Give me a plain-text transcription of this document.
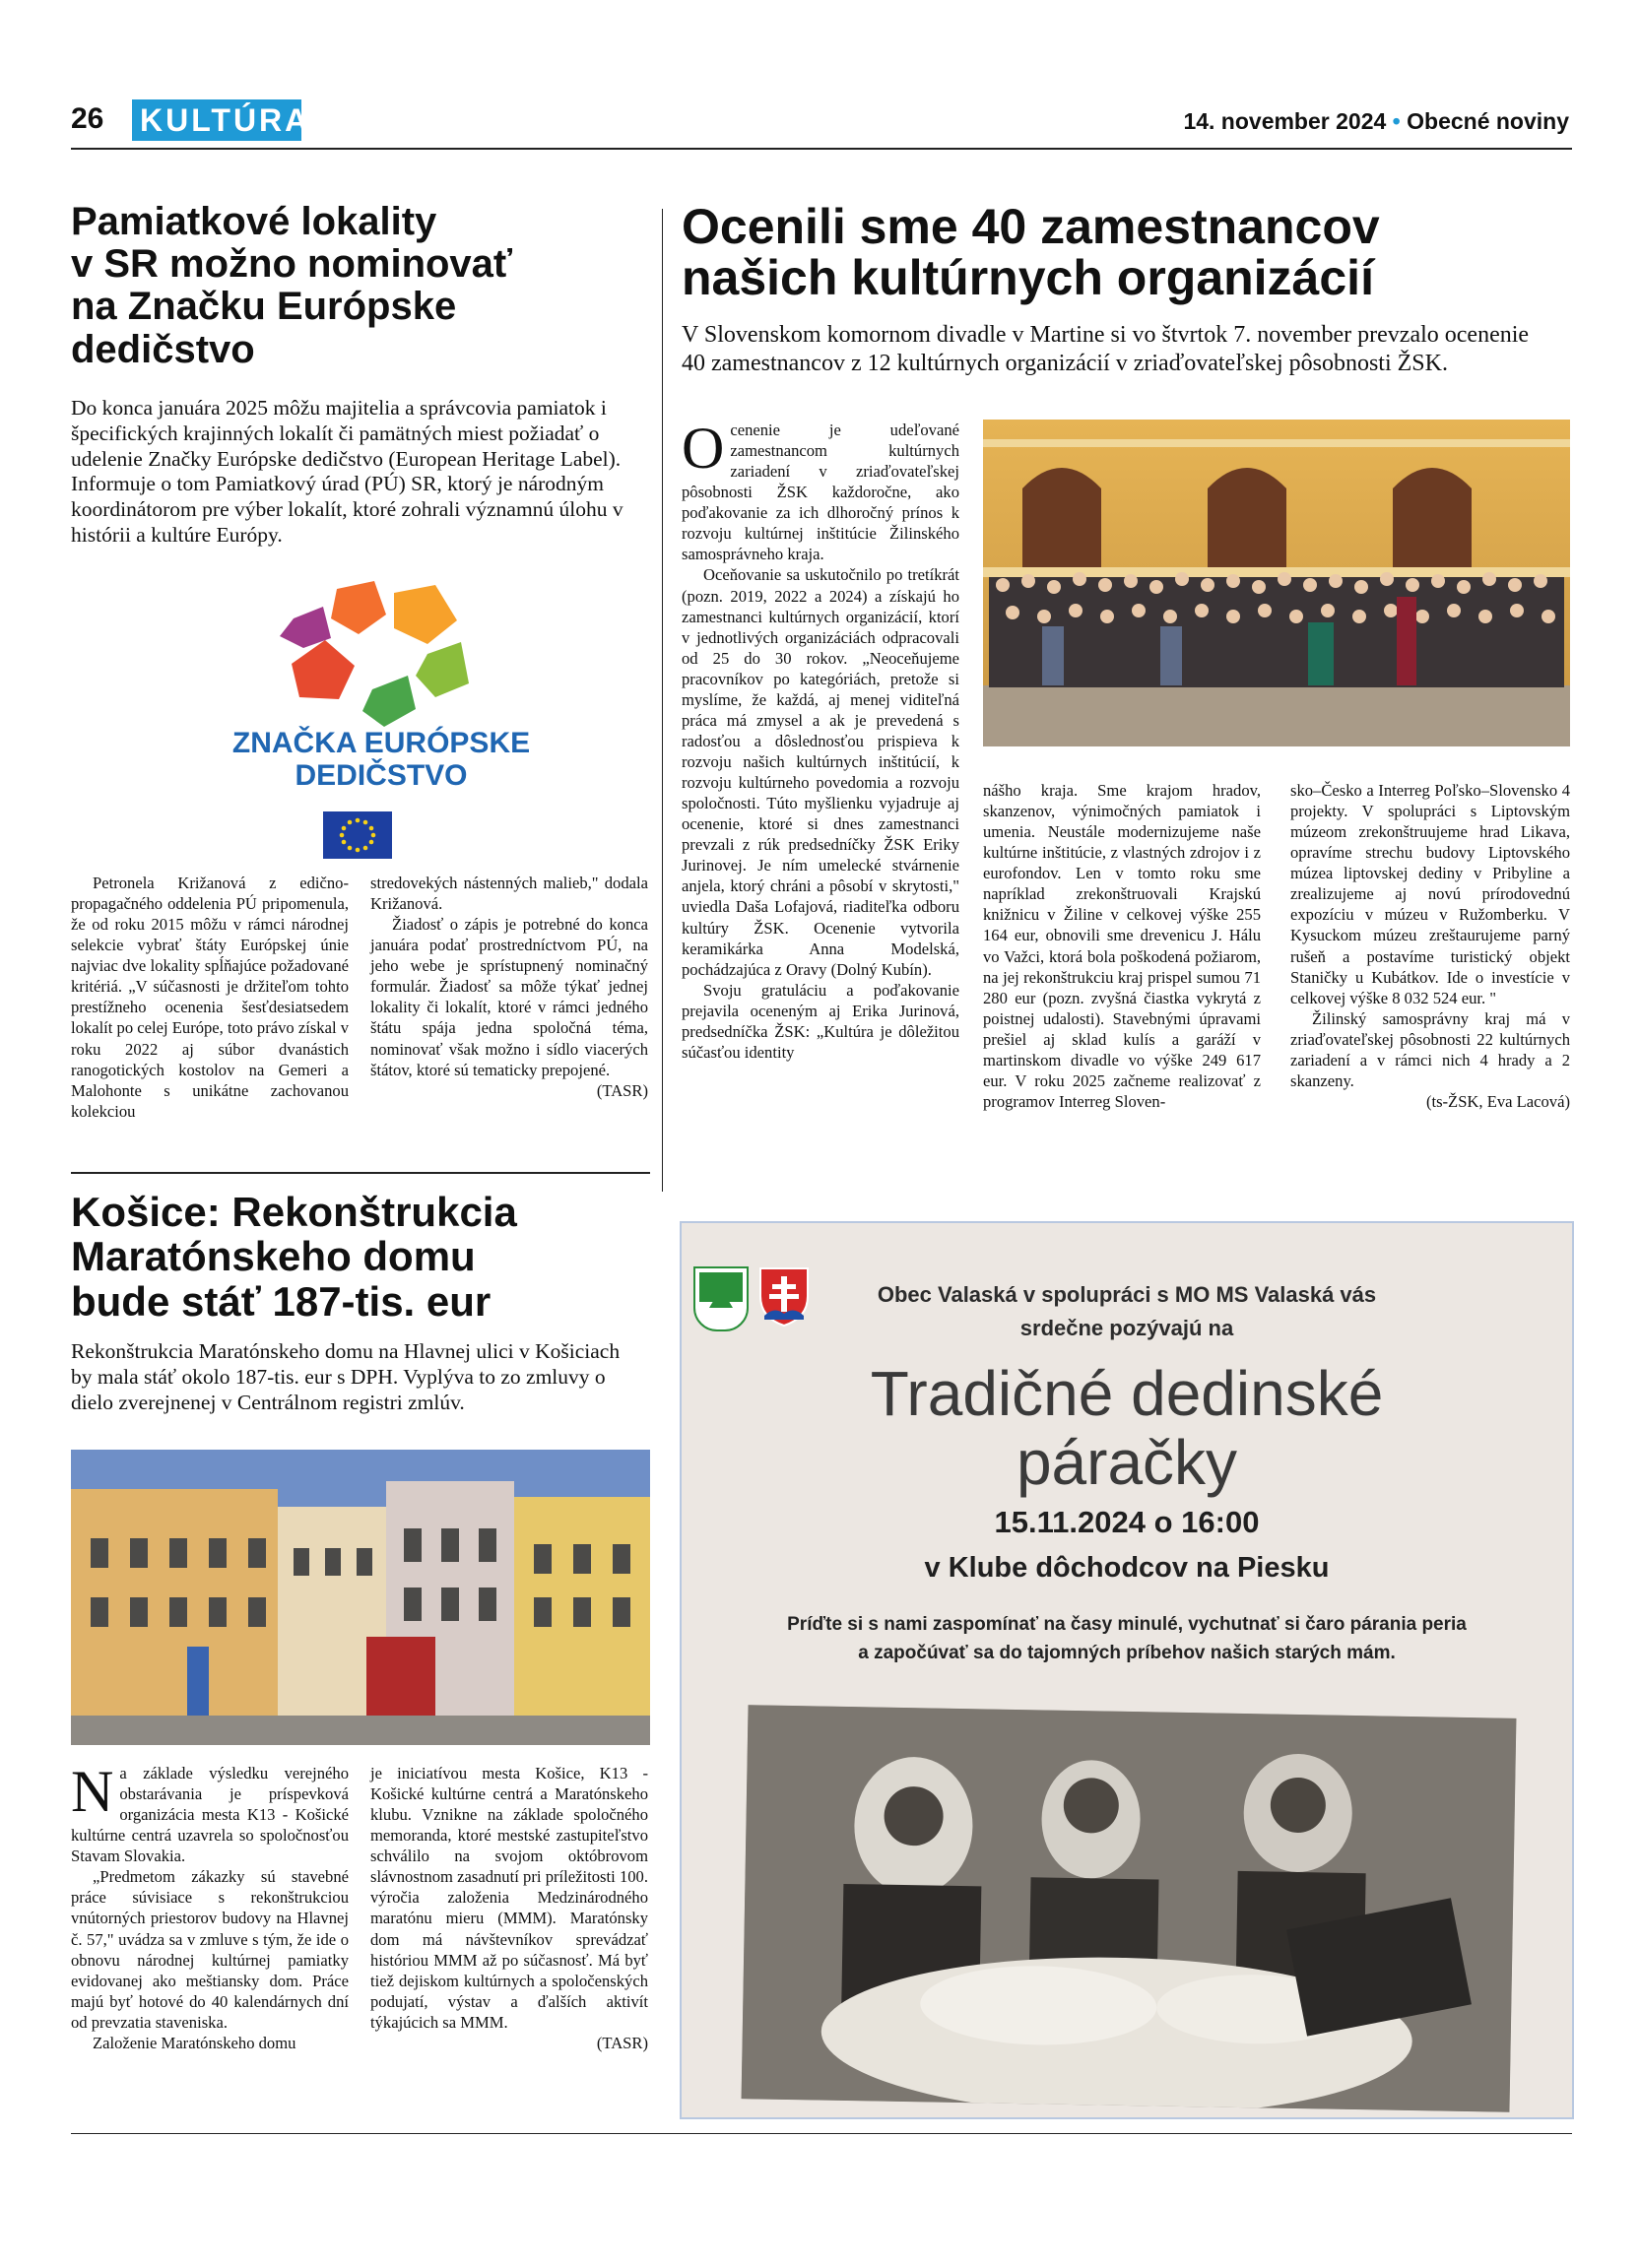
26 KULTÚRA	14. november 2024 • Obecné noviny
Pamiatkové lokality
v SR možno nominovať
na Značku Európske
dedičstvo

Do konca januára 2025 môžu majitelia a správcovia pamiatok i špecifických krajinných lokalít či pamätných miest požiadať o udelenie Značky Európske dedičstvo (European Heritage Label). Informuje o tom Pamiatkový úrad (PÚ) SR, ktorý je národným koordinátorom pre výber lokalít, ktoré zohrali významnú úlohu v histórii a kultúre Európy.

ZNAČKA EURÓPSKE
DEDIČSTVO

Petronela Križanová z edično-propagačného oddelenia PÚ pripomenula, že od roku 2015 môžu v rámci národnej selekcie vybrať štáty Európskej únie najviac dve lokality spĺňajúce požadované kritériá. „V súčasnosti je držiteľom tohto prestížneho ocenenia šesťdesiatsedem lokalít po celej Európe, toto právo získal v roku 2022 aj súbor dvanástich ranogotických kostolov na Gemeri a Malohonte s unikátne zachovanou kolekciou

stredovekých nástenných malieb," dodala Križanová.

Žiadosť o zápis je potrebné do konca januára podať prostredníctvom PÚ, na jeho webe je sprístupnený nominačný formulár. Žiadosť sa môže týkať jednej lokality či lokalít, ktoré v rámci jedného štátu spája jedna spoločná téma, nominovať však možno i sídlo viacerých štátov, ktoré sú tematicky prepojené.

(TASR)
Ocenili sme 40 zamestnancov
našich kultúrnych organizácií

V Slovenskom komornom divadle v Martine si vo štvrtok 7. november prevzalo ocenenie 40 zamestnancov z 12 kultúrnych organizácií v zriaďovateľskej pôsobnosti ŽSK.

Ocenenie je udeľované zamestnancom kultúrnych zariadení v zriaďovateľskej pôsobnosti ŽSK každoročne, ako poďakovanie za ich dlhoročný prínos k rozvoju kultúrnej inštitúcie Žilinského samosprávneho kraja.

Oceňovanie sa uskutočnilo po tretíkrát (pozn. 2019, 2022 a 2024) a získajú ho zamestnanci kultúrnych organizácií, ktorí v jednotlivých organizáciách odpracovali od 25 do 30 rokov. „Neoceňujeme pracovníkov po kategóriách, pretože si myslíme, že každá, aj menej viditeľná práca má zmysel a ak je prevedená s radosťou a dôslednosťou prispieva k rozvoju našich kultúrnych inštitúcií, k rozvoju kultúrneho povedomia a rozvoju spoločnosti. Túto myšlienku vyjadruje aj ocenenie, ktoré si dnes zamestnanci prevzali z rúk predsedníčky ŽSK Eriky Jurinovej. Je ním umelecké stvárnenie anjela, ktorý chráni a pôsobí v skrytosti," uviedla Daša Lofajová, riaditeľka odboru kultúry ŽSK. Ocenenie vytvorila keramikárka Anna Modelská, pochádzajúca z Oravy (Dolný Kubín).

Svoju gratuláciu a poďakovanie prejavila oceneným aj Erika Jurinová, predsedníčka ŽSK: „Kultúra je dôležitou súčasťou identity

nášho kraja. Sme krajom hradov, skanzenov, výnimočných pamiatok i umenia. Neustále modernizujeme naše kultúrne inštitúcie, z vlastných zdrojov i z eurofondov. Len v tomto roku sme napríklad zrekonštruovali Krajskú knižnicu v Žiline v celkovej výške 255 164 eur, obnovili sme drevenicu J. Hálu vo Važci, ktorá bola poškodená požiarom, na jej rekonštrukciu kraj prispel sumou 71 280 eur (pozn. zvyšná čiastka vykrytá z poistnej udalosti). Stavebnými úpravami prešiel aj sklad kulís a garáží v martinskom divadle vo výške 249 617 eur. V roku 2025 začneme realizovať z programov Interreg Sloven-

sko–Česko a Interreg Poľsko–Slovensko 4 projekty. V spolupráci s Liptovským múzeom zrekonštruujeme hrad Likava, opravíme strechu budovy Liptovského múzea liptovskej dediny v Pribyline a zrealizujeme aj novú prírodovednú expozíciu v múzeu v Ružomberku. V Kysuckom múzeu zreštaurujeme parný rušeň a postavíme turistický objekt Staničky u Kubátkov. Ide o investície v celkovej výške 8 032 524 eur. "

Žilinský samosprávny kraj má v zriaďovateľskej pôsobnosti 22 kultúrnych zariadení a v rámci nich 4 hrady a 2 skanzeny.

(ts-ŽSK, Eva Lacová)
Košice: Rekonštrukcia
Maratónskeho domu
bude stáť 187-tis. eur

Rekonštrukcia Maratónskeho domu na Hlavnej ulici v Košiciach by mala stáť okolo 187-tis. eur s DPH. Vyplýva to zo zmluvy o dielo zverejnenej v Centrálnom registri zmlúv.

Na základe výsledku verejného obstarávania je príspevková organizácia mesta K13 - Košické kultúrne centrá uzavrela so spoločnosťou Stavam Slovakia.

„Predmetom zákazky sú stavebné práce súvisiace s rekonštrukciou vnútorných priestorov budovy na Hlavnej č. 57," uvádza sa v zmluve s tým, že ide o obnovu národnej kultúrnej pamiatky evidovanej ako meštiansky dom. Práce majú byť hotové do 40 kalendárnych dní od prevzatia staveniska.

Založenie Maratónskeho domu

je iniciatívou mesta Košice, K13 - Košické kultúrne centrá a Maratónskeho klubu. Vznikne na základe spoločného memoranda, ktoré mestské zastupiteľstvo schválilo na svojom októbrovom slávnostnom zasadnutí pri príležitosti 100. výročia založenia Medzinárodného maratónu mieru (MMM). Maratónsky dom má návštevníkov sprevádzať históriou MMM až po súčasnosť. Má byť tiež dejiskom kultúrnych a spoločenských podujatí, výstav a ďalších aktivít týkajúcich sa MMM.

(TASR)
Obec Valaská v spolupráci s MO MS Valaská vás
srdečne pozývajú na
Tradičné dedinské
páračky
15.11.2024 o 16:00
v Klube dôchodcov na Piesku
Príďte si s nami zaspomínať na časy minulé, vychutnať si čaro párania peria
a započúvať sa do tajomných príbehov našich starých mám.
